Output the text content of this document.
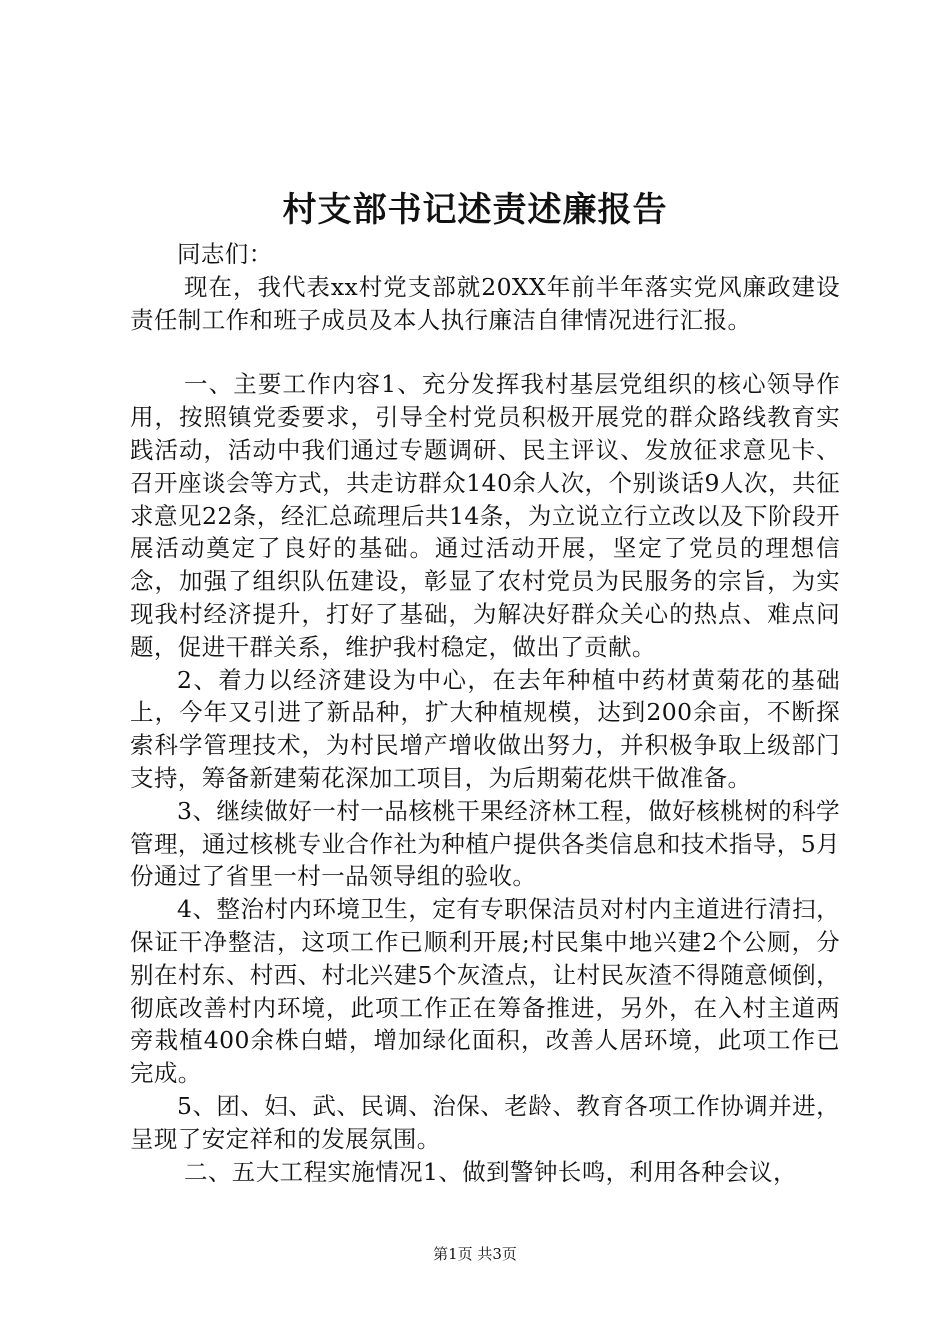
村支部书记述责述廉报告

同志们：

现在，我代表xx村党支部就20XX年前半年落实党风廉政建设责任制工作和班子成员及本人执行廉洁自律情况进行汇报。

一、主要工作内容1、充分发挥我村基层党组织的核心领导作用，按照镇党委要求，引导全村党员积极开展党的群众路线教育实践活动，活动中我们通过专题调研、民主评议、发放征求意见卡、召开座谈会等方式，共走访群众140余人次，个别谈话9人次，共征求意见22条，经汇总疏理后共14条，为立说立行立改以及下阶段开展活动奠定了良好的基础。通过活动开展，坚定了党员的理想信念，加强了组织队伍建设，彰显了农村党员为民服务的宗旨，为实现我村经济提升，打好了基础，为解决好群众关心的热点、难点问题，促进干群关系，维护我村稳定，做出了贡献。

2、着力以经济建设为中心，在去年种植中药材黄菊花的基础上，今年又引进了新品种，扩大种植规模，达到200余亩，不断探索科学管理技术，为村民增产增收做出努力，并积极争取上级部门支持，筹备新建菊花深加工项目，为后期菊花烘干做准备。

3、继续做好一村一品核桃干果经济林工程，做好核桃树的科学管理，通过核桃专业合作社为种植户提供各类信息和技术指导，5月份通过了省里一村一品领导组的验收。

4、整治村内环境卫生，定有专职保洁员对村内主道进行清扫，保证干净整洁，这项工作已顺利开展;村民集中地兴建2个公厕，分别在村东、村西、村北兴建5个灰渣点，让村民灰渣不得随意倾倒，彻底改善村内环境，此项工作正在筹备推进，另外，在入村主道两旁栽植400余株白蜡，增加绿化面积，改善人居环境，此项工作已完成。

5、团、妇、武、民调、治保、老龄、教育各项工作协调并进，呈现了安定祥和的发展氛围。

二、五大工程实施情况1、做到警钟长鸣，利用各种会议，

第1页 共3页
